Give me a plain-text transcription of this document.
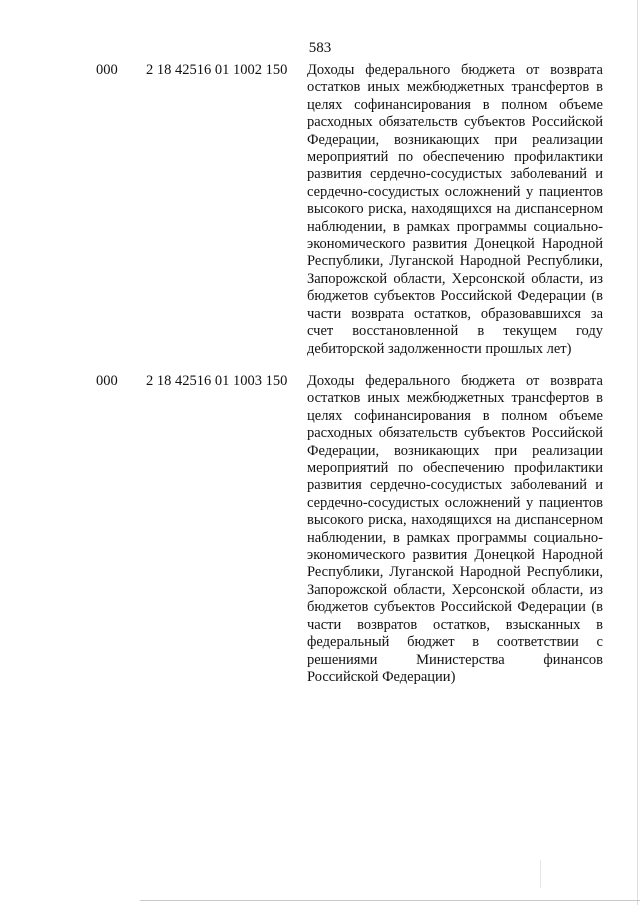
583
000 2 18 42516 01 1002 150 Доходы федерального бюджета от возврата остатков иных межбюджетных трансфертов в целях софинансирования в полном объеме расходных обязательств субъектов Российской Федерации, возникающих при реализации мероприятий по обеспечению профилактики развития сердечно-сосудистых заболеваний и сердечно-сосудистых осложнений у пациентов высокого риска, находящихся на диспансерном наблюдении, в рамках программы социально-экономического развития Донецкой Народной Республики, Луганской Народной Республики, Запорожской области, Херсонской области, из бюджетов субъектов Российской Федерации (в части возврата остатков, образовавшихся за счет восстановленной в текущем году дебиторской задолженности прошлых лет)
000 2 18 42516 01 1003 150 Доходы федерального бюджета от возврата остатков иных межбюджетных трансфертов в целях софинансирования в полном объеме расходных обязательств субъектов Российской Федерации, возникающих при реализации мероприятий по обеспечению профилактики развития сердечно-сосудистых заболеваний и сердечно-сосудистых осложнений у пациентов высокого риска, находящихся на диспансерном наблюдении, в рамках программы социально-экономического развития Донецкой Народной Республики, Луганской Народной Республики, Запорожской области, Херсонской области, из бюджетов субъектов Российской Федерации (в части возвратов остатков, взысканных в федеральный бюджет в соответствии с решениями Министерства финансов Российской Федерации)
